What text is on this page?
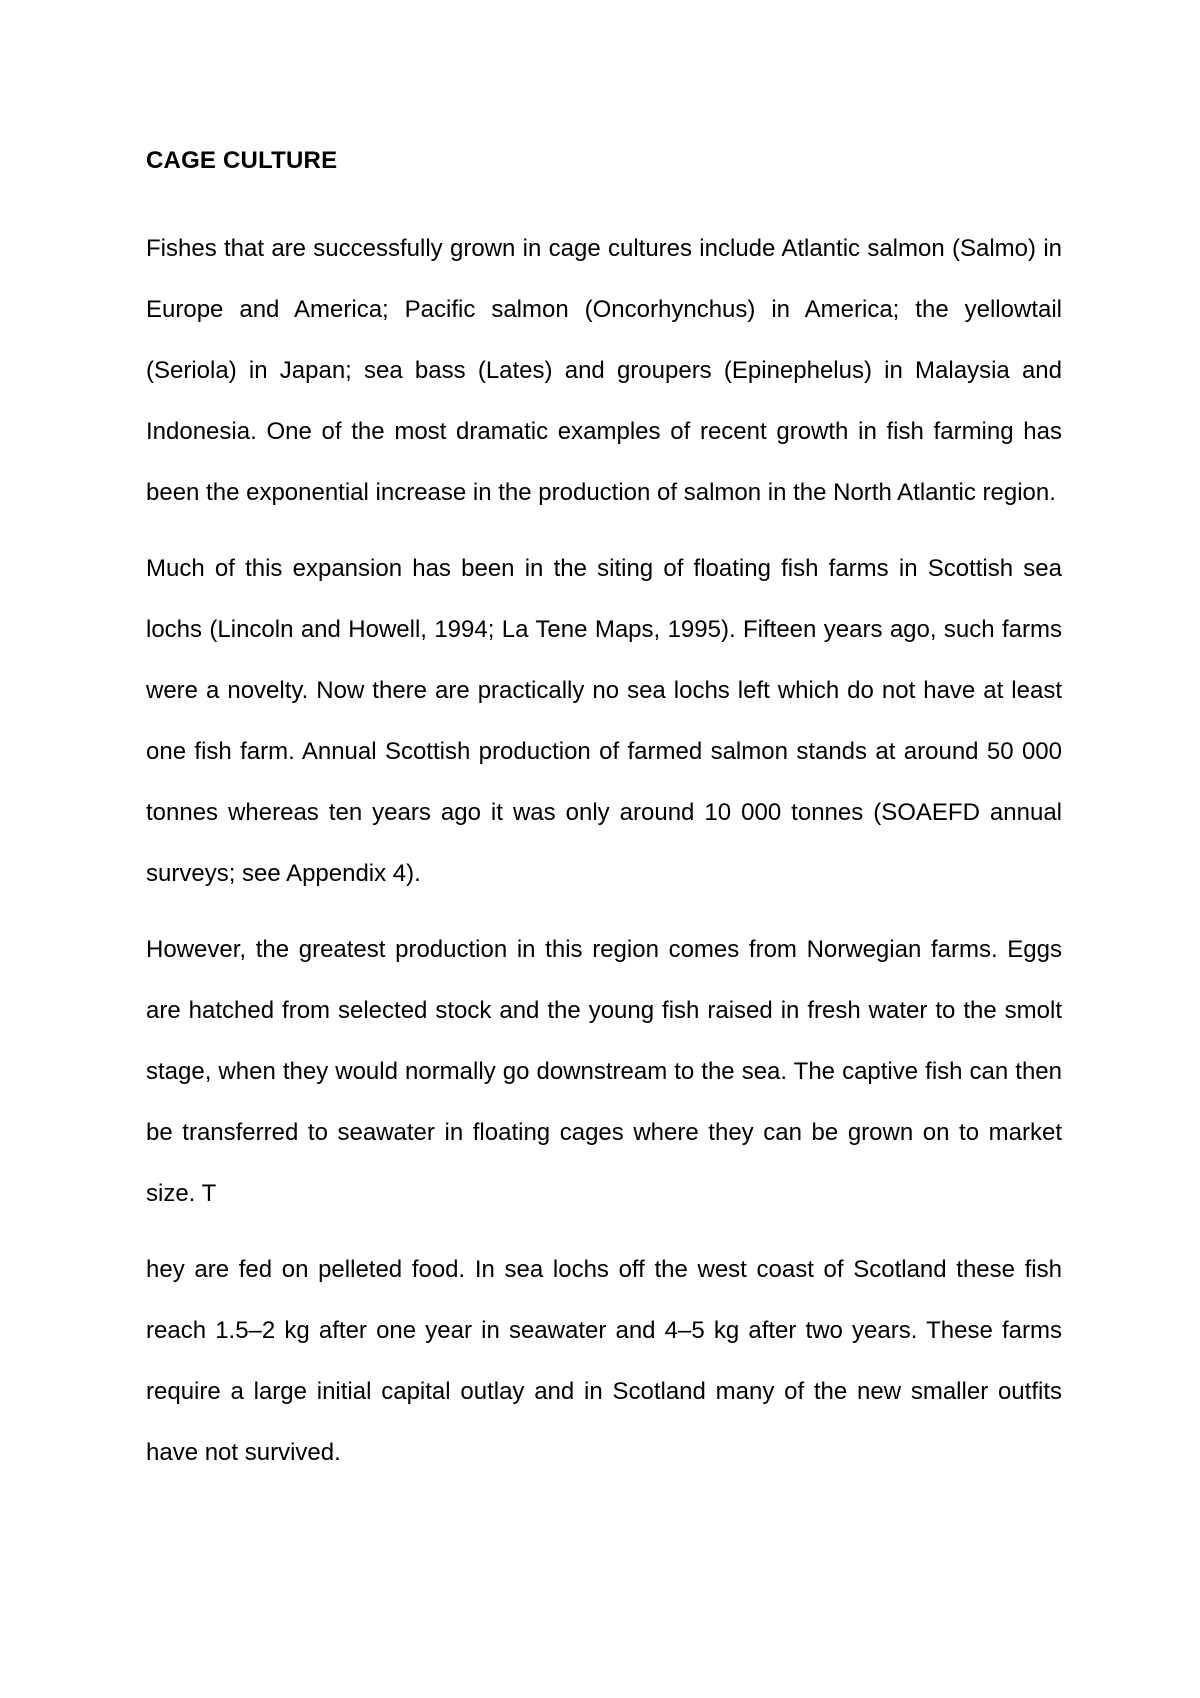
CAGE CULTURE

Fishes that are successfully grown in cage cultures include Atlantic salmon (Salmo) in Europe and America; Pacific salmon (Oncorhynchus) in America; the yellowtail (Seriola) in Japan; sea bass (Lates) and groupers (Epinephelus) in Malaysia and Indonesia. One of the most dramatic examples of recent growth in fish farming has been the exponential increase in the production of salmon in the North Atlantic region.

Much of this expansion has been in the siting of floating fish farms in Scottish sea lochs (Lincoln and Howell, 1994; La Tene Maps, 1995). Fifteen years ago, such farms were a novelty. Now there are practically no sea lochs left which do not have at least one fish farm. Annual Scottish production of farmed salmon stands at around 50 000 tonnes whereas ten years ago it was only around 10 000 tonnes (SOAEFD annual surveys; see Appendix 4).

However, the greatest production in this region comes from Norwegian farms. Eggs are hatched from selected stock and the young fish raised in fresh water to the smolt stage, when they would normally go downstream to the sea. The captive fish can then be transferred to seawater in floating cages where they can be grown on to market size. T

hey are fed on pelleted food. In sea lochs off the west coast of Scotland these fish reach 1.5–2 kg after one year in seawater and 4–5 kg after two years. These farms require a large initial capital outlay and in Scotland many of the new smaller outfits have not survived.
